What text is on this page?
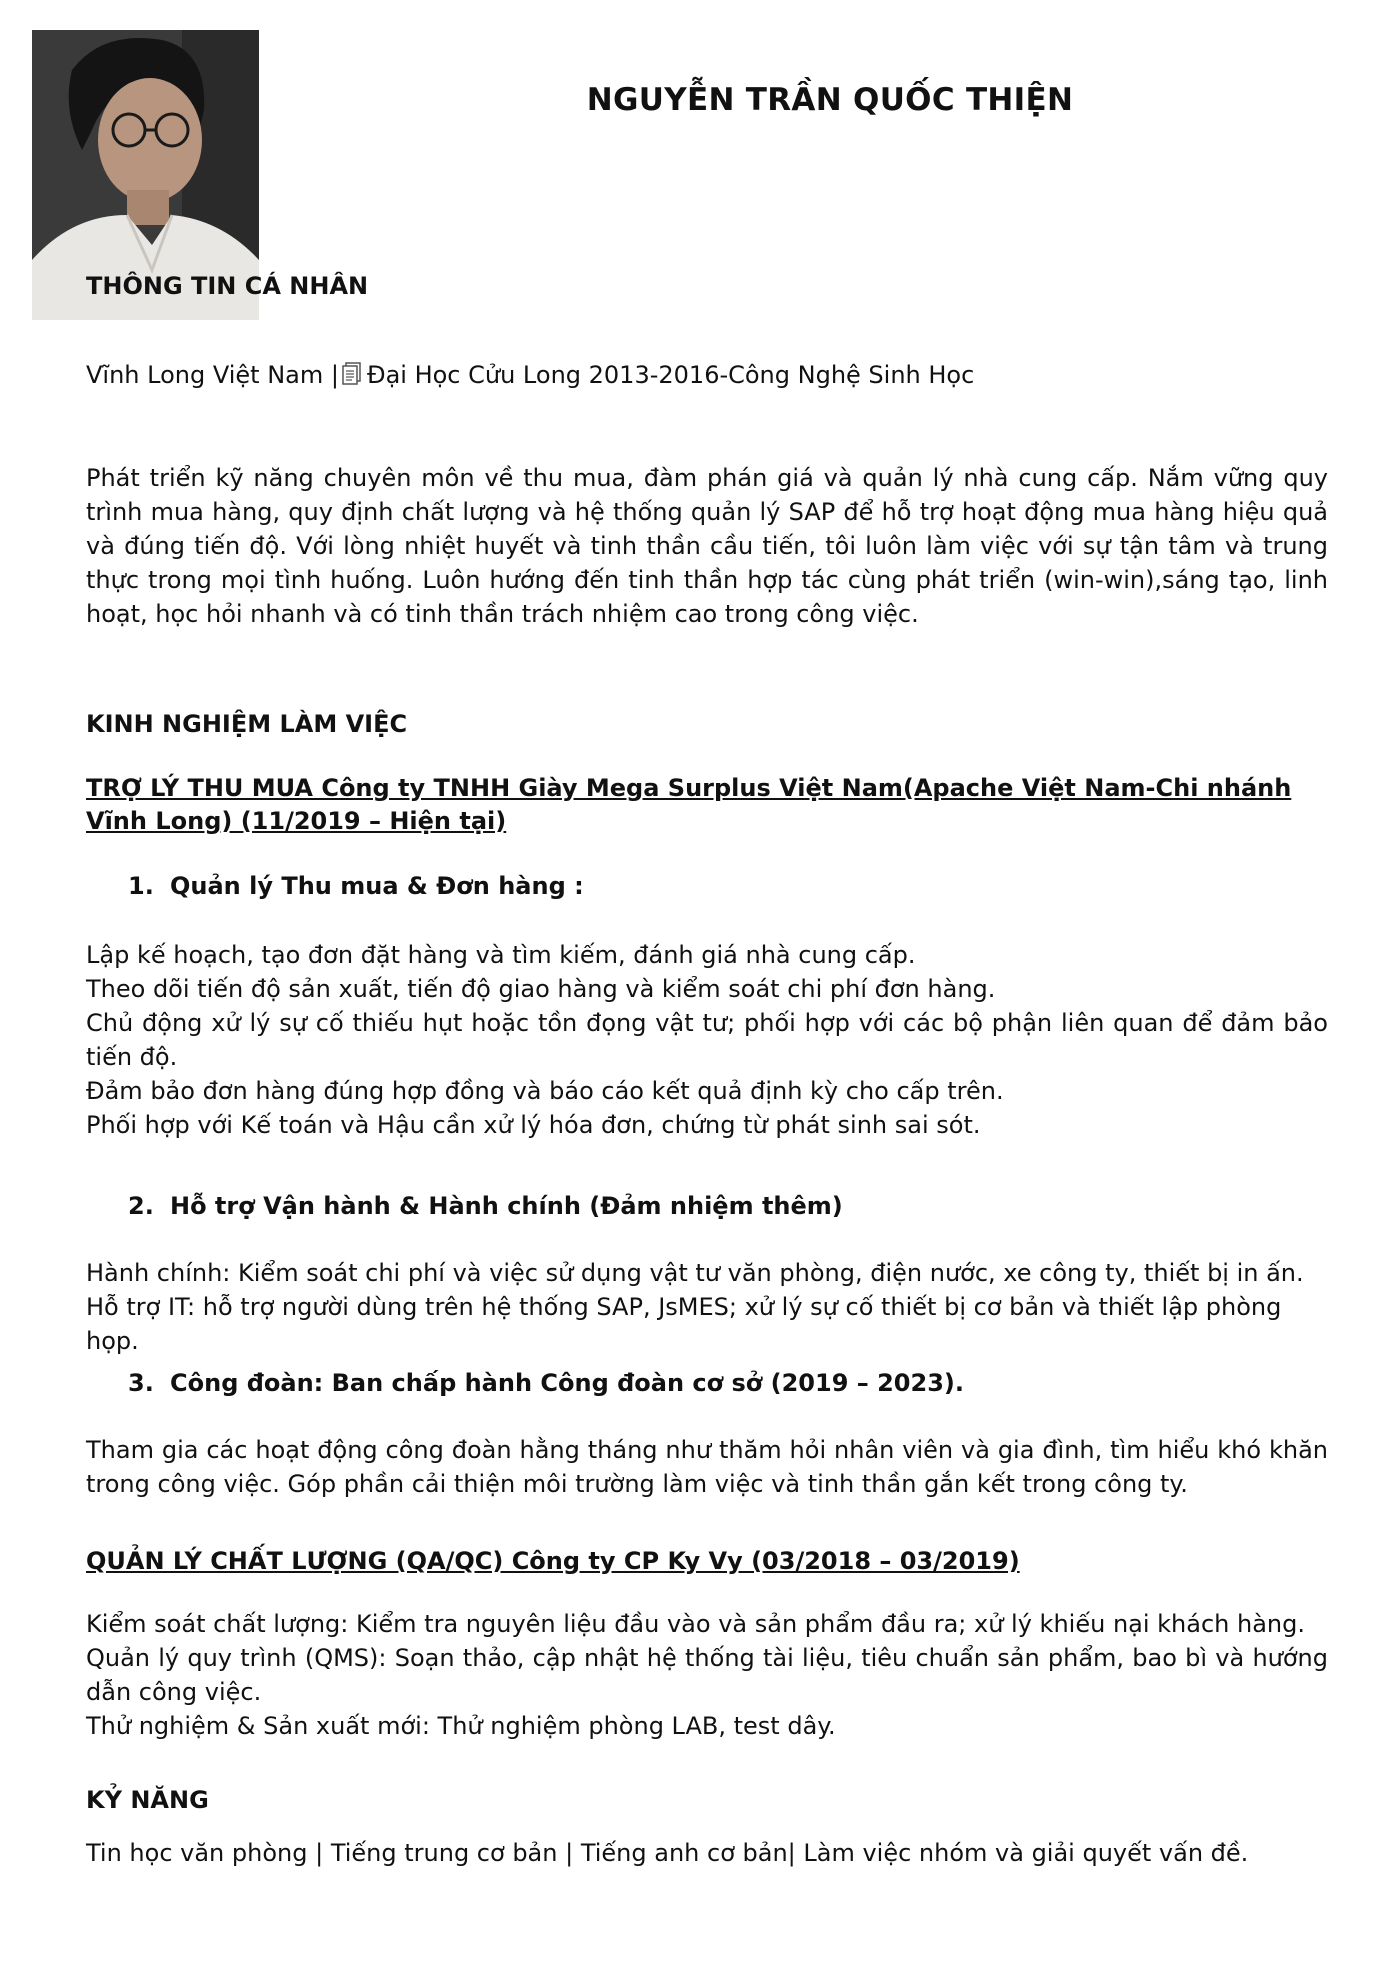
NGUYỄN TRẦN QUỐC THIỆN

THÔNG TIN CÁ NHÂN

Vĩnh Long Việt Nam | Đại Học Cửu Long 2013-2016-Công Nghệ Sinh Học

Phát triển kỹ năng chuyên môn về thu mua, đàm phán giá và quản lý nhà cung cấp. Nắm vững quy trình mua hàng, quy định chất lượng và hệ thống quản lý SAP để hỗ trợ hoạt động mua hàng hiệu quả và đúng tiến độ. Với lòng nhiệt huyết và tinh thần cầu tiến, tôi luôn làm việc với sự tận tâm và trung thực trong mọi tình huống. Luôn hướng đến tinh thần hợp tác cùng phát triển (win-win),sáng tạo, linh hoạt, học hỏi nhanh và có tinh thần trách nhiệm cao trong công việc.

KINH NGHIỆM LÀM VIỆC

TRỢ LÝ THU MUA Công ty TNHH Giày Mega Surplus Việt Nam(Apache Việt Nam-Chi nhánh Vĩnh Long) (11/2019 – Hiện tại)

1. Quản lý Thu mua & Đơn hàng :

Lập kế hoạch, tạo đơn đặt hàng và tìm kiếm, đánh giá nhà cung cấp.

Theo dõi tiến độ sản xuất, tiến độ giao hàng và kiểm soát chi phí đơn hàng.

Chủ động xử lý sự cố thiếu hụt hoặc tồn đọng vật tư; phối hợp với các bộ phận liên quan để đảm bảo tiến độ.

Đảm bảo đơn hàng đúng hợp đồng và báo cáo kết quả định kỳ cho cấp trên.

Phối hợp với Kế toán và Hậu cần xử lý hóa đơn, chứng từ phát sinh sai sót.

2. Hỗ trợ Vận hành & Hành chính (Đảm nhiệm thêm)

Hành chính: Kiểm soát chi phí và việc sử dụng vật tư văn phòng, điện nước, xe công ty, thiết bị in ấn.

Hỗ trợ IT: hỗ trợ người dùng trên hệ thống SAP, JsMES; xử lý sự cố thiết bị cơ bản và thiết lập phòng họp.

3. Công đoàn: Ban chấp hành Công đoàn cơ sở (2019 – 2023).

Tham gia các hoạt động công đoàn hằng tháng như thăm hỏi nhân viên và gia đình, tìm hiểu khó khăn trong công việc. Góp phần cải thiện môi trường làm việc và tinh thần gắn kết trong công ty.

QUẢN LÝ CHẤT LƯỢNG (QA/QC) Công ty CP Ky Vy (03/2018 – 03/2019)

Kiểm soát chất lượng: Kiểm tra nguyên liệu đầu vào và sản phẩm đầu ra; xử lý khiếu nại khách hàng.

Quản lý quy trình (QMS): Soạn thảo, cập nhật hệ thống tài liệu, tiêu chuẩn sản phẩm, bao bì và hướng dẫn công việc.

Thử nghiệm & Sản xuất mới: Thử nghiệm phòng LAB, test dây.

KỶ NĂNG

Tin học văn phòng | Tiếng trung cơ bản | Tiếng anh cơ bản| Làm việc nhóm và giải quyết vấn đề.
